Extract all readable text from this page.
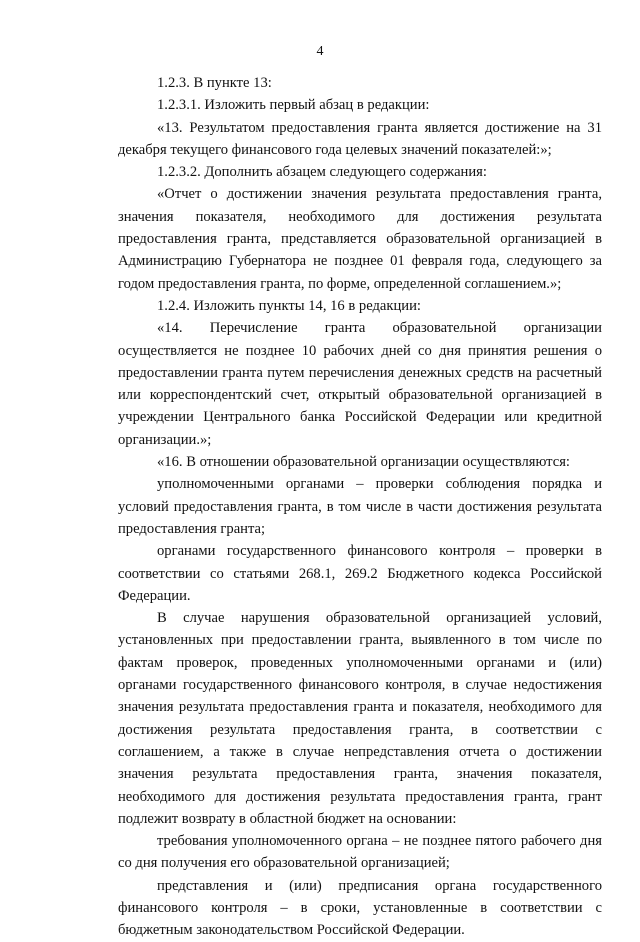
4

1.2.3. В пункте 13:

1.2.3.1. Изложить первый абзац в редакции:

«13. Результатом предоставления гранта является достижение на 31 декабря текущего финансового года целевых значений показателей:»;

1.2.3.2. Дополнить абзацем следующего содержания:

«Отчет о достижении значения результата предоставления гранта, значения показателя, необходимого для достижения результата предоставления гранта, представляется образовательной организацией в Администрацию Губернатора не позднее 01 февраля года, следующего за годом предоставления гранта, по форме, определенной соглашением.»;

1.2.4. Изложить пункты 14, 16 в редакции:

«14. Перечисление гранта образовательной организации осуществляется не позднее 10 рабочих дней со дня принятия решения о предоставлении гранта путем перечисления денежных средств на расчетный или корреспондентский счет, открытый образовательной организацией в учреждении Центрального банка Российской Федерации или кредитной организации.»;

«16. В отношении образовательной организации осуществляются:

уполномоченными органами – проверки соблюдения порядка и условий предоставления гранта, в том числе в части достижения результата предоставления гранта;

органами государственного финансового контроля – проверки в соответствии со статьями 268.1, 269.2 Бюджетного кодекса Российской Федерации.

В случае нарушения образовательной организацией условий, установленных при предоставлении гранта, выявленного в том числе по фактам проверок, проведенных уполномоченными органами и (или) органами государственного финансового контроля, в случае недостижения значения результата предоставления гранта и показателя, необходимого для достижения результата предоставления гранта, в соответствии с соглашением, а также в случае непредставления отчета о достижении значения результата предоставления гранта, значения показателя, необходимого для достижения результата предоставления гранта, грант подлежит возврату в областной бюджет на основании:

требования уполномоченного органа – не позднее пятого рабочего дня со дня получения его образовательной организацией;

представления и (или) предписания органа государственного финансового контроля – в сроки, установленные в соответствии с бюджетным законодательством Российской Федерации.
